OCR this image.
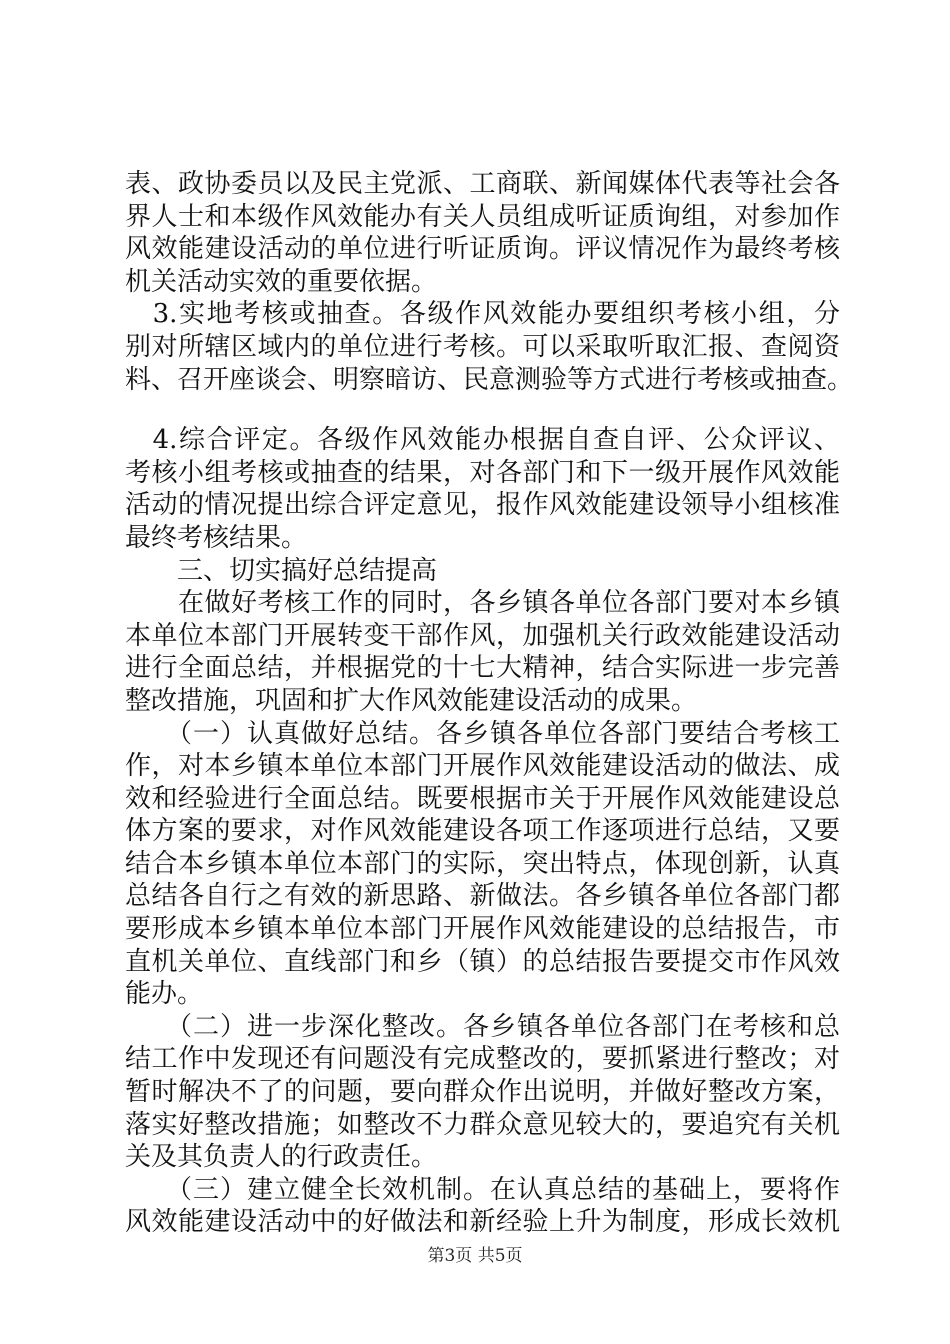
表、政协委员以及民主党派、工商联、新闻媒体代表等社会各
界人士和本级作风效能办有关人员组成听证质询组，对参加作
风效能建设活动的单位进行听证质询。评议情况作为最终考核
机关活动实效的重要依据。
　3.实地考核或抽查。各级作风效能办要组织考核小组，分
别对所辖区域内的单位进行考核。可以采取听取汇报、查阅资
料、召开座谈会、明察暗访、民意测验等方式进行考核或抽查。
　4.综合评定。各级作风效能办根据自查自评、公众评议、
考核小组考核或抽查的结果，对各部门和下一级开展作风效能
活动的情况提出综合评定意见，报作风效能建设领导小组核准
最终考核结果。
　　三、切实搞好总结提高
　　在做好考核工作的同时，各乡镇各单位各部门要对本乡镇
本单位本部门开展转变干部作风，加强机关行政效能建设活动
进行全面总结，并根据党的十七大精神，结合实际进一步完善
整改措施，巩固和扩大作风效能建设活动的成果。
　　（一）认真做好总结。各乡镇各单位各部门要结合考核工
作，对本乡镇本单位本部门开展作风效能建设活动的做法、成
效和经验进行全面总结。既要根据市关于开展作风效能建设总
体方案的要求，对作风效能建设各项工作逐项进行总结，又要
结合本乡镇本单位本部门的实际，突出特点，体现创新，认真
总结各自行之有效的新思路、新做法。各乡镇各单位各部门都
要形成本乡镇本单位本部门开展作风效能建设的总结报告，市
直机关单位、直线部门和乡（镇）的总结报告要提交市作风效
能办。
　　（二）进一步深化整改。各乡镇各单位各部门在考核和总
结工作中发现还有问题没有完成整改的，要抓紧进行整改；对
暂时解决不了的问题，要向群众作出说明，并做好整改方案，
落实好整改措施；如整改不力群众意见较大的，要追究有关机
关及其负责人的行政责任。
　　（三）建立健全长效机制。在认真总结的基础上，要将作
风效能建设活动中的好做法和新经验上升为制度，形成长效机
第3页 共5页
